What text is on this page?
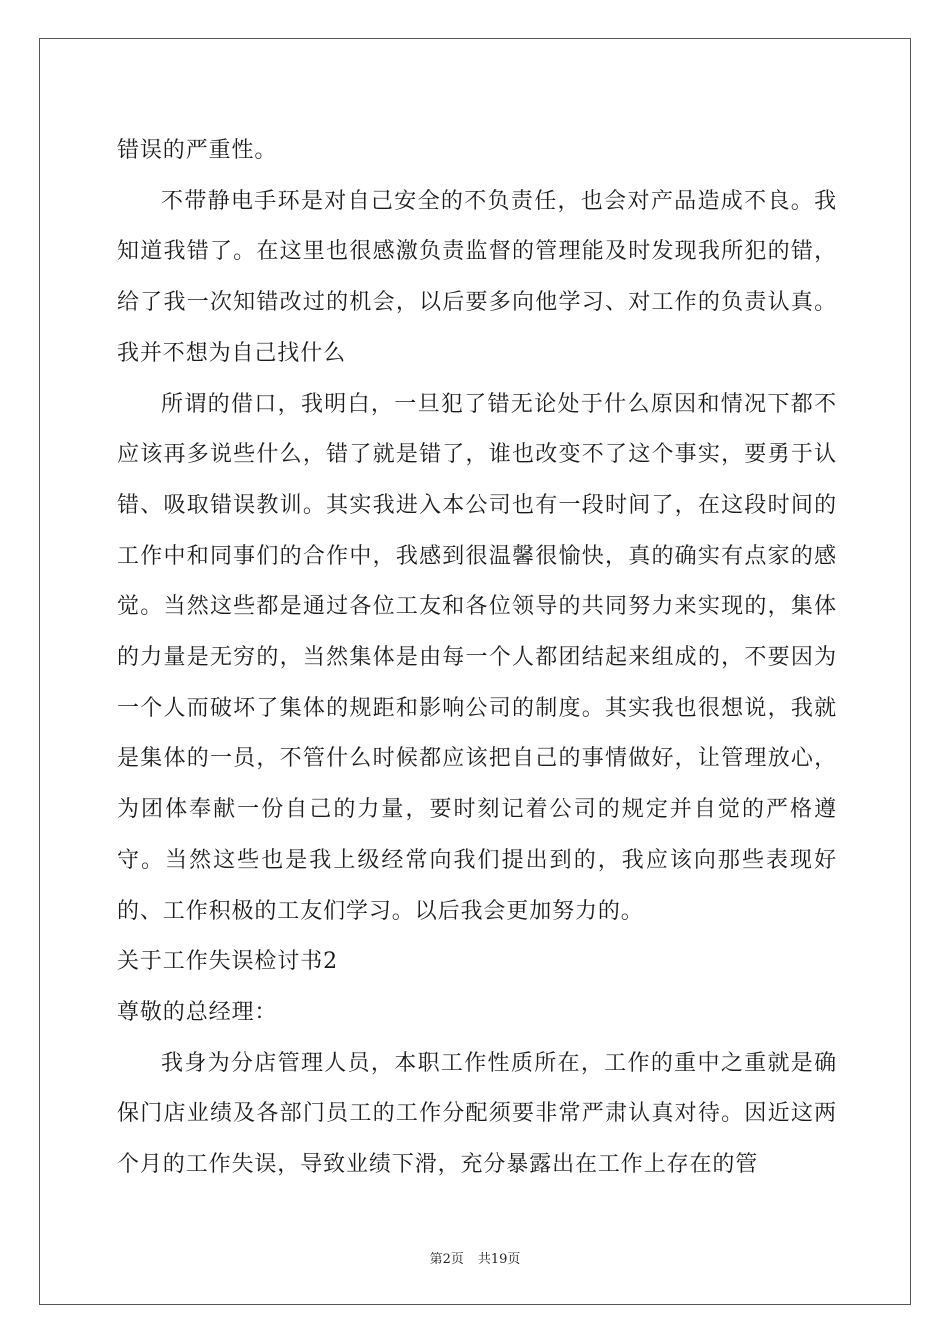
错误的严重性。

不带静电手环是对自己安全的不负责任，也会对产品造成不良。我知道我错了。在这里也很感激负责监督的管理能及时发现我所犯的错，给了我一次知错改过的机会，以后要多向他学习、对工作的负责认真。我并不想为自己找什么

所谓的借口，我明白，一旦犯了错无论处于什么原因和情况下都不应该再多说些什么，错了就是错了，谁也改变不了这个事实，要勇于认错、吸取错误教训。其实我进入本公司也有一段时间了，在这段时间的工作中和同事们的合作中，我感到很温馨很愉快，真的确实有点家的感觉。当然这些都是通过各位工友和各位领导的共同努力来实现的，集体的力量是无穷的，当然集体是由每一个人都团结起来组成的，不要因为一个人而破坏了集体的规距和影响公司的制度。其实我也很想说，我就是集体的一员，不管什么时候都应该把自己的事情做好，让管理放心，为团体奉献一份自己的力量，要时刻记着公司的规定并自觉的严格遵守。当然这些也是我上级经常向我们提出到的，我应该向那些表现好的、工作积极的工友们学习。以后我会更加努力的。

关于工作失误检讨书2

尊敬的总经理：

我身为分店管理人员，本职工作性质所在，工作的重中之重就是确保门店业绩及各部门员工的工作分配须要非常严肃认真对待。因近这两个月的工作失误，导致业绩下滑，充分暴露出在工作上存在的管

第2页 共19页
